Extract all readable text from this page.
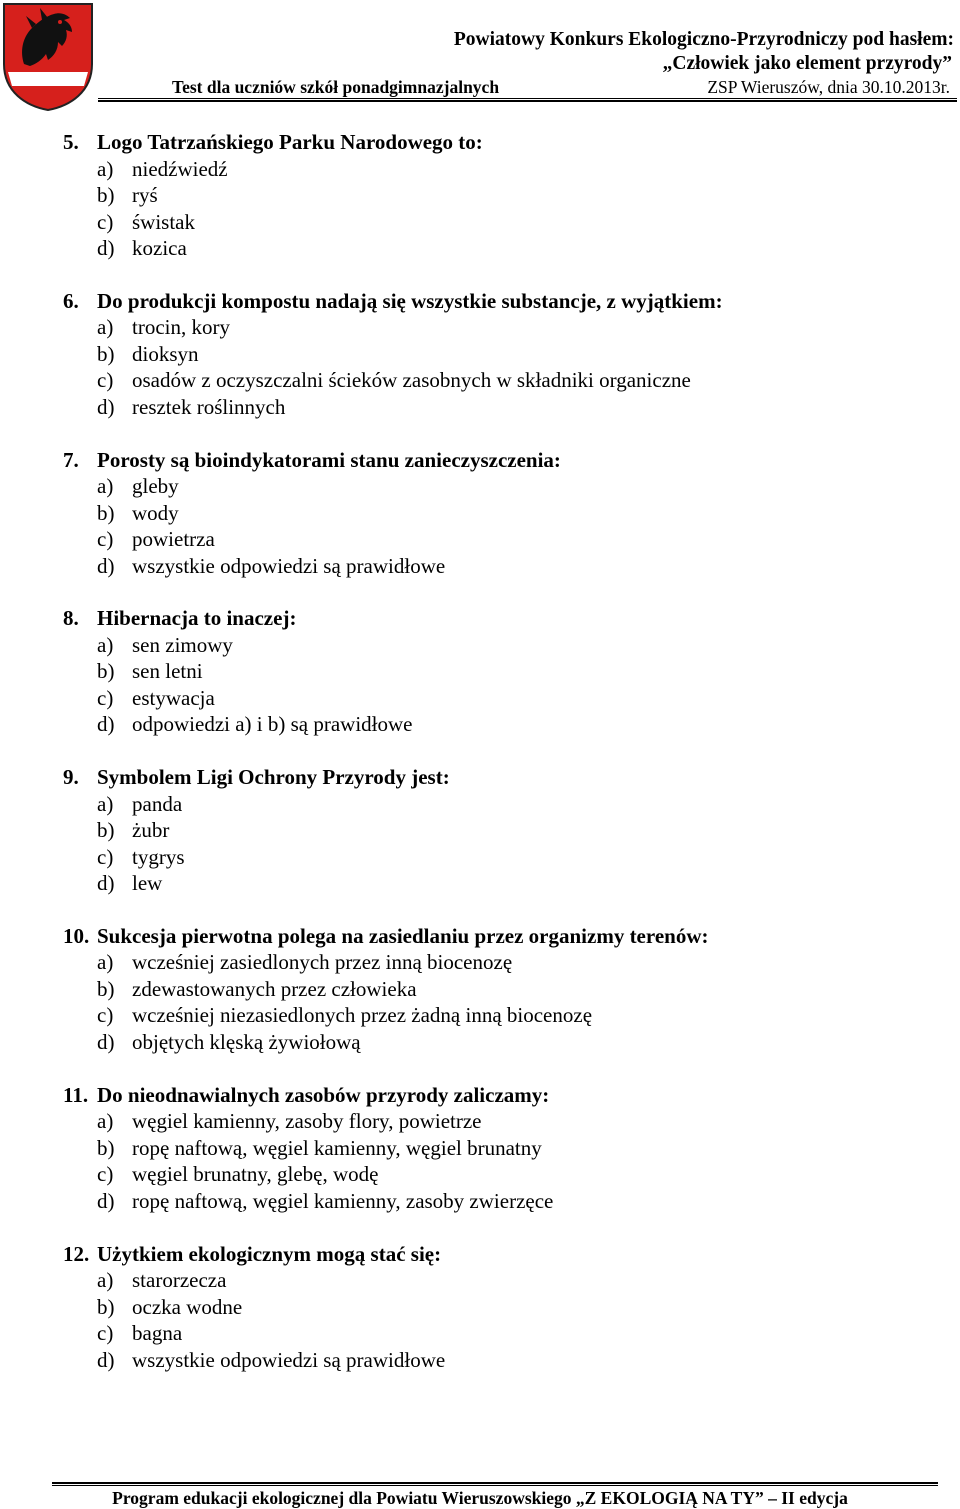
Powiatowy Konkurs Ekologiczno-Przyrodniczy pod hasłem:
„Człowiek jako element przyrody”
Test dla uczniów szkół ponadgimnazjalnych	ZSP Wieruszów, dnia 30.10.2013r.
5. Logo Tatrzańskiego Parku Narodowego to:
a) niedźwiedź
b) ryś
c) świstak
d) kozica
6. Do produkcji kompostu nadają się wszystkie substancje, z wyjątkiem:
a) trocin, kory
b) dioksyn
c) osadów z oczyszczalni ścieków zasobnych w składniki organiczne
d) resztek roślinnych
7. Porosty są bioindykatorami stanu zanieczyszczenia:
a) gleby
b) wody
c) powietrza
d) wszystkie odpowiedzi są prawidłowe
8. Hibernacja to inaczej:
a) sen zimowy
b) sen letni
c) estywacja
d) odpowiedzi a) i b) są prawidłowe
9. Symbolem Ligi Ochrony Przyrody jest:
a) panda
b) żubr
c) tygrys
d) lew
10. Sukcesja pierwotna polega na zasiedlaniu przez organizmy terenów:
a) wcześniej zasiedlonych przez inną biocenozę
b) zdewastowanych przez człowieka
c) wcześniej niezasiedlonych przez żadną inną biocenozę
d) objętych klęską żywiołową
11. Do nieodnawialnych zasobów przyrody zaliczamy:
a) węgiel kamienny, zasoby flory, powietrze
b) ropę naftową, węgiel kamienny, węgiel brunatny
c) węgiel brunatny, glebę, wodę
d) ropę naftową, węgiel kamienny, zasoby zwierzęce
12. Użytkiem ekologicznym mogą stać się:
a) starorzecza
b) oczka wodne
c) bagna
d) wszystkie odpowiedzi są prawidłowe
Program edukacji ekologicznej dla Powiatu Wieruszowskiego „Z EKOLOGIĄ NA TY” – II edycja
